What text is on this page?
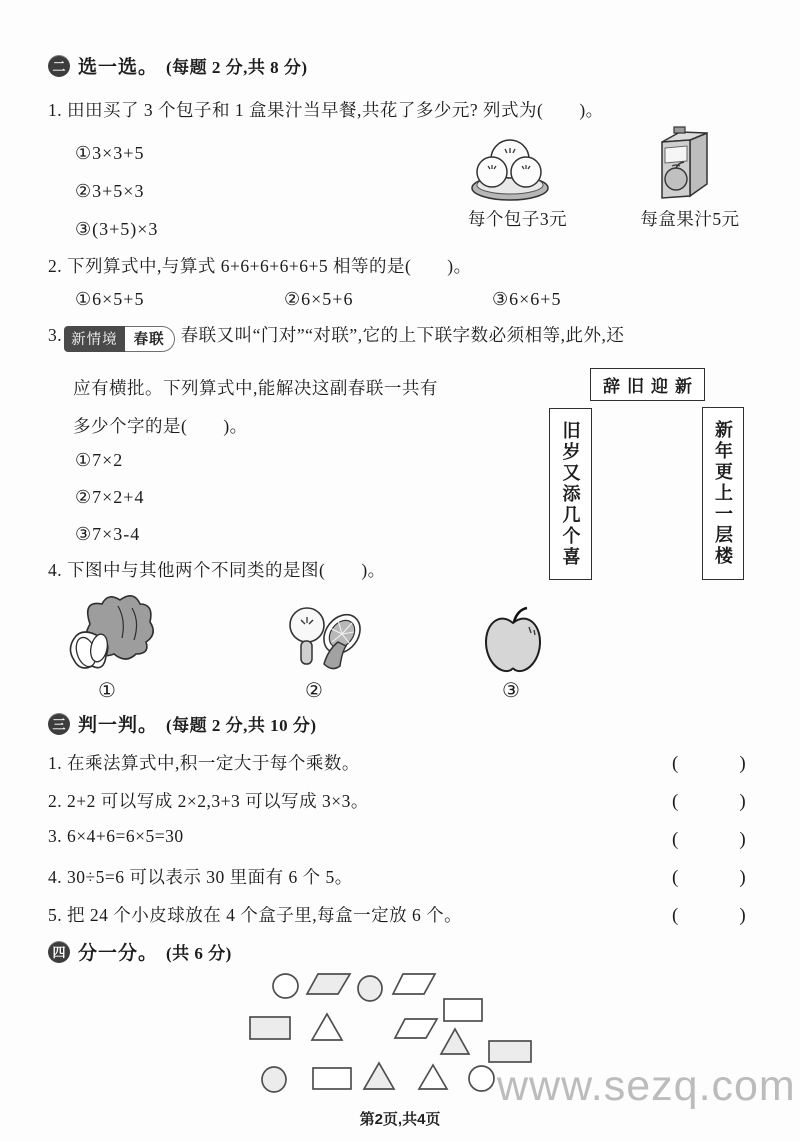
二 选一选。 (每题 2 分,共 8 分)
1. 田田买了 3 个包子和 1 盒果汁当早餐,共花了多少元? 列式为(　　)。
①3×3+5
②3+5×3
③(3+5)×3	每个包子3元	每盒果汁5元
2. 下列算式中,与算式 6+6+6+6+6+5 相等的是(　　)。
①6×5+5	②6×5+6	③6×6+5
3. 新情境	春联 春联又叫“门对”“对联”,它的上下联字数必须相等,此外,还
应有横批。下列算式中,能解决这副春联一共有
多少个字的是(　　)。
①7×2
②7×2+4
③7×3-4
辞旧迎新
旧岁又添几个喜	新年更上一层楼
4. 下图中与其他两个不同类的是图(　　)。
①	②	③
三 判一判。 (每题 2 分,共 10 分)
1. 在乘法算式中,积一定大于每个乘数。
2. 2+2 可以写成 2×2,3+3 可以写成 3×3。
3. 6×4+6=6×5=30
4. 30÷5=6 可以表示 30 里面有 6 个 5。
5. 把 24 个小皮球放在 4 个盒子里,每盒一定放 6 个。
(　　　)
(　　　)
(　　　)
(　　　)
(　　　)
四 分一分。 (共 6 分)
www.sezq.com
第2页,共4页
